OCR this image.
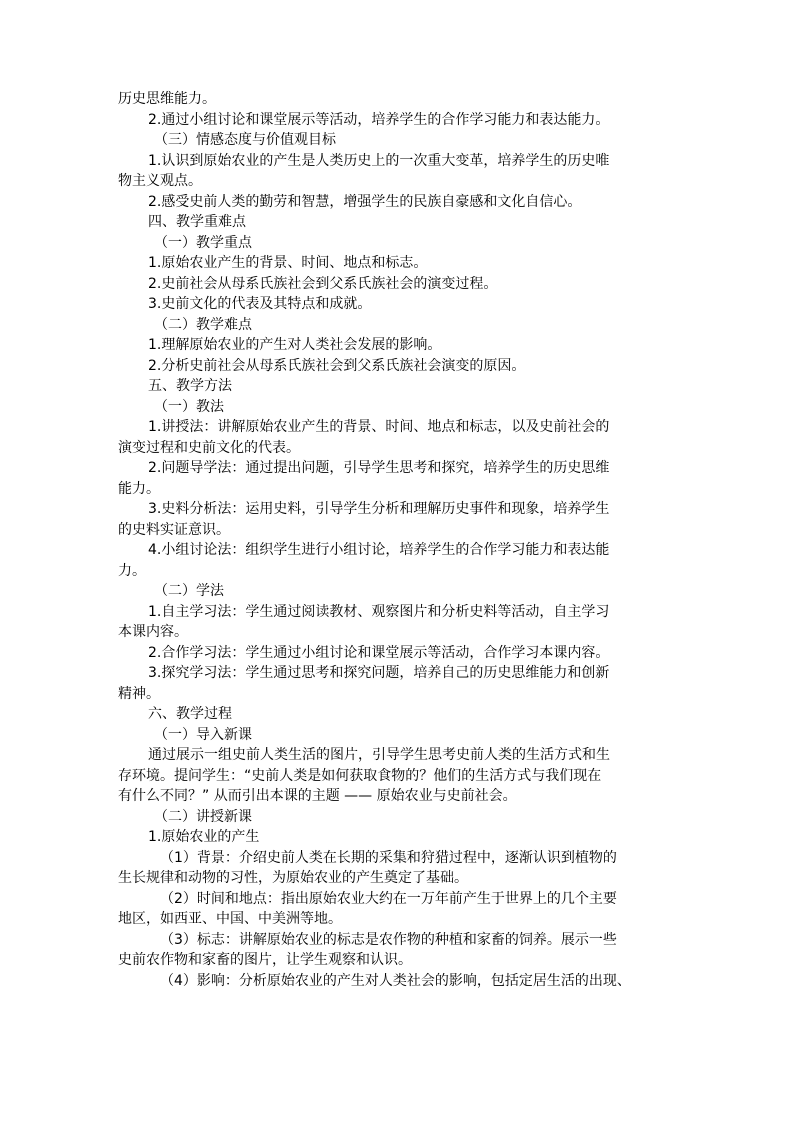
历史思维能力。
2.通过小组讨论和课堂展示等活动，培养学生的合作学习能力和表达能力。
（三）情感态度与价值观目标
1.认识到原始农业的产生是人类历史上的一次重大变革，培养学生的历史唯
物主义观点。
2.感受史前人类的勤劳和智慧，增强学生的民族自豪感和文化自信心。
四、教学重难点
（一）教学重点
1.原始农业产生的背景、时间、地点和标志。
2.史前社会从母系氏族社会到父系氏族社会的演变过程。
3.史前文化的代表及其特点和成就。
（二）教学难点
1.理解原始农业的产生对人类社会发展的影响。
2.分析史前社会从母系氏族社会到父系氏族社会演变的原因。
五、教学方法
（一）教法
1.讲授法：讲解原始农业产生的背景、时间、地点和标志，以及史前社会的
演变过程和史前文化的代表。
2.问题导学法：通过提出问题，引导学生思考和探究，培养学生的历史思维
能力。
3.史料分析法：运用史料，引导学生分析和理解历史事件和现象，培养学生
的史料实证意识。
4.小组讨论法：组织学生进行小组讨论，培养学生的合作学习能力和表达能
力。
（二）学法
1.自主学习法：学生通过阅读教材、观察图片和分析史料等活动，自主学习
本课内容。
2.合作学习法：学生通过小组讨论和课堂展示等活动，合作学习本课内容。
3.探究学习法：学生通过思考和探究问题，培养自己的历史思维能力和创新
精神。
六、教学过程
（一）导入新课
通过展示一组史前人类生活的图片，引导学生思考史前人类的生活方式和生
存环境。提问学生：“史前人类是如何获取食物的？他们的生活方式与我们现在
有什么不同？” 从而引出本课的主题 —— 原始农业与史前社会。
（二）讲授新课
1.原始农业的产生
（1）背景：介绍史前人类在长期的采集和狩猎过程中，逐渐认识到植物的
生长规律和动物的习性，为原始农业的产生奠定了基础。
（2）时间和地点：指出原始农业大约在一万年前产生于世界上的几个主要
地区，如西亚、中国、中美洲等地。
（3）标志：讲解原始农业的标志是农作物的种植和家畜的饲养。展示一些
史前农作物和家畜的图片，让学生观察和认识。
（4）影响：分析原始农业的产生对人类社会的影响，包括定居生活的出现、
